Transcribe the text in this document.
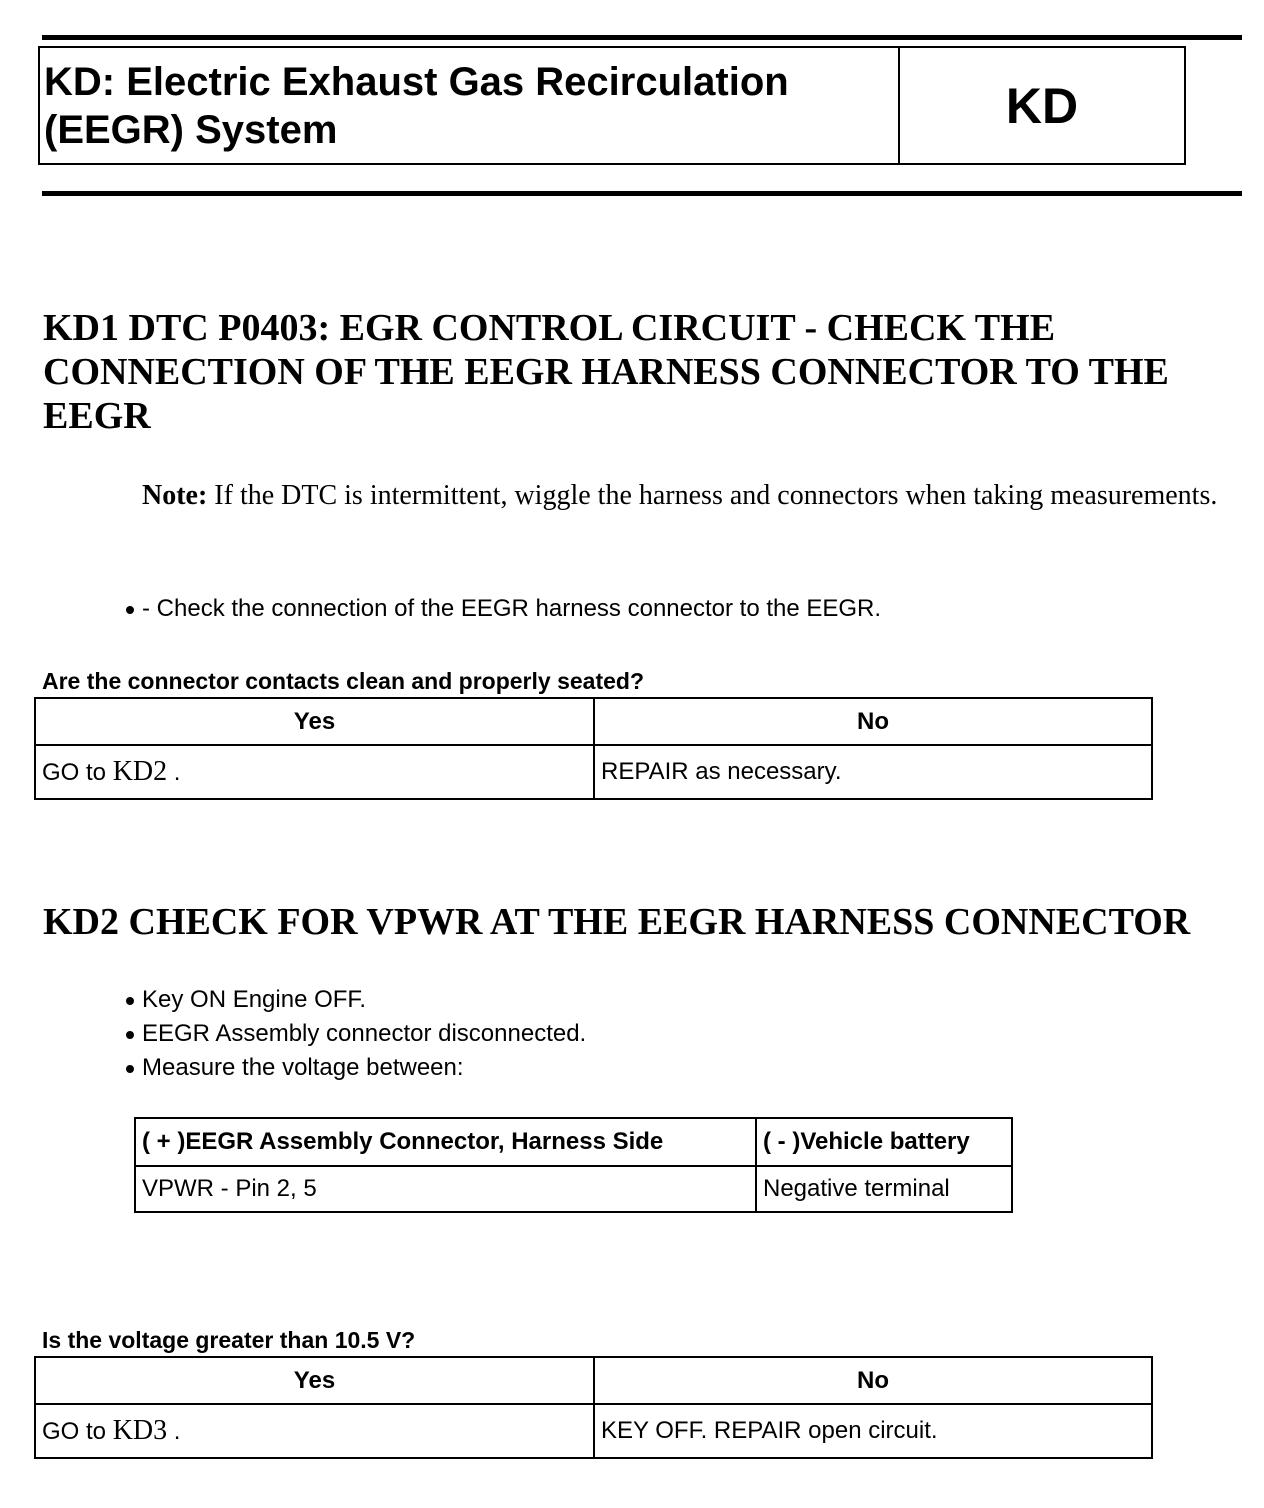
KD: Electric Exhaust Gas Recirculation
(EEGR) System	KD
KD1 DTC P0403: EGR CONTROL CIRCUIT - CHECK THE CONNECTION OF THE EEGR HARNESS CONNECTOR TO THE EEGR

Note: If the DTC is intermittent, wiggle the harness and connectors when taking measurements.

- Check the connection of the EEGR harness connector to the EEGR.
Are the connector contacts clean and properly seated?
Yes	No
GO to KD2 .	REPAIR as necessary.
KD2 CHECK FOR VPWR AT THE EEGR HARNESS CONNECTOR
Key ON Engine OFF.
EEGR Assembly connector disconnected.
Measure the voltage between:
( + )EEGR Assembly Connector, Harness Side	( - )Vehicle battery
VPWR - Pin 2, 5	Negative terminal
Is the voltage greater than 10.5 V?
Yes	No
GO to KD3 .	KEY OFF. REPAIR open circuit.
